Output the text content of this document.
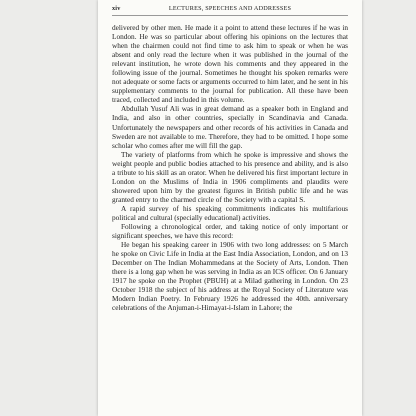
xiv	LECTURES, SPEECHES AND ADDRESSES

delivered by other men. He made it a point to attend these lectures if he was in London. He was so particular about offering his opinions on the lectures that when the chairmen could not find time to ask him to speak or when he was absent and only read the lecture when it was published in the journal of the relevant institution, he wrote down his comments and they appeared in the following issue of the journal. Sometimes he thought his spoken remarks were not adequate or some facts or arguments occurred to him later, and he sent in his supplementary comments to the journal for publication. All these have been traced, collected and included in this volume.

Abdullah Yusuf Ali was in great demand as a speaker both in England and India, and also in other countries, specially in Scandinavia and Canada. Unfortunately the newspapers and other records of his activities in Canada and Sweden are not available to me. Therefore, they had to be omitted. I hope some scholar who comes after me will fill the gap.

The variety of platforms from which he spoke is impressive and shows the weight people and public bodies attached to his presence and ability, and is also a tribute to his skill as an orator. When he delivered his first important lecture in London on the Muslims of India in 1906 compliments and plaudits were showered upon him by the greatest figures in British public life and he was granted entry to the charmed circle of the Society with a capital S.

A rapid survey of his speaking commitments indicates his multifarious political and cultural (specially educational) activities.

Following a chronological order, and taking notice of only important or significant speeches, we have this record:

He began his speaking career in 1906 with two long addresses: on 5 March he spoke on Civic Life in India at the East India Association, London, and on 13 December on The Indian Mohammedans at the Society of Arts, London. Then there is a long gap when he was serving in India as an ICS officer. On 6 January 1917 he spoke on the Prophet (PBUH) at a Milad gathering in London. On 23 October 1918 the subject of his address at the Royal Society of Literature was Modern Indian Poetry. In February 1926 he addressed the 40th. anniversary celebrations of the Anjuman-i-Himayat-i-Islam in Lahore; the
